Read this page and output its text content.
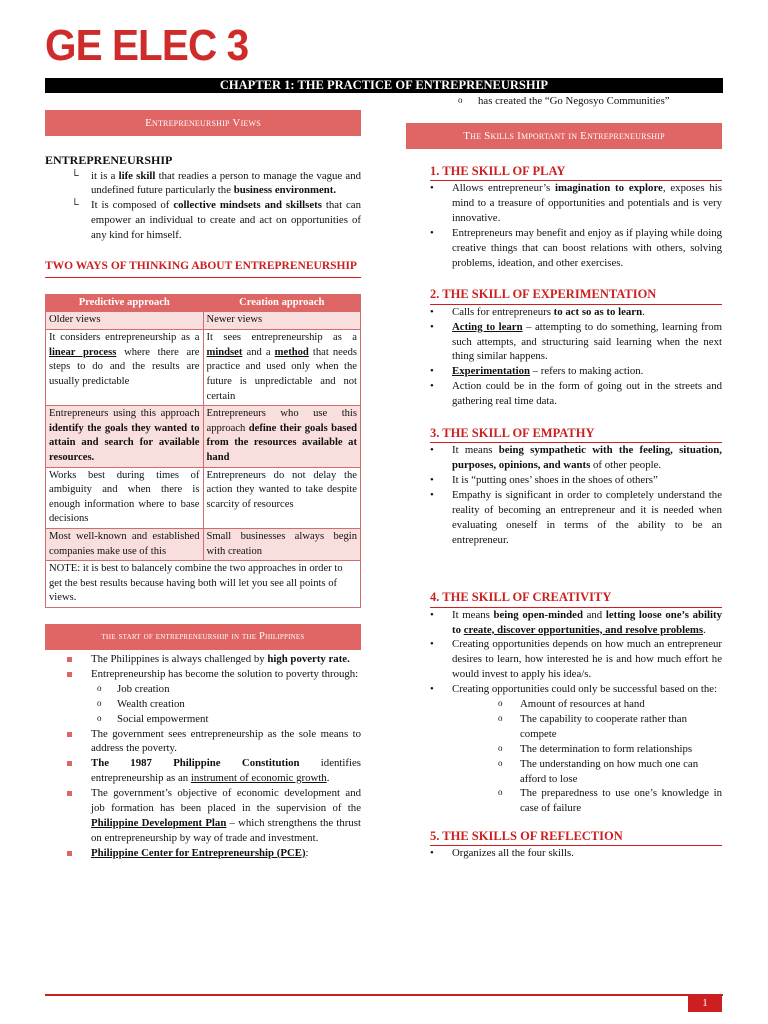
GE ELEC 3
CHAPTER 1: THE PRACTICE OF ENTREPRENEURSHIP
Entrepreneurship Views
ENTREPRENEURSHIP
└ it is a life skill that readies a person to manage the vague and undefined future particularly the business environment.
└ It is composed of collective mindsets and skillsets that can empower an individual to create and act on opportunities of any kind for himself.
TWO WAYS OF THINKING ABOUT ENTREPRENEURSHIP
Predictive approach	Creation approach
Older views	Newer views
It considers entrepreneurship as a linear process where there are steps to do and the results are usually predictable	It sees entrepreneurship as a mindset and a method that needs practice and used only when the future is unpredictable and not certain
Entrepreneurs using this approach identify the goals they wanted to attain and search for available resources.	Entrepreneurs who use this approach define their goals based from the resources available at hand
Works best during times of ambiguity and when there is enough information where to base decisions	Entrepreneurs do not delay the action they wanted to take despite scarcity of resources
Most well-known and established companies make use of this	Small businesses always begin with creation
NOTE: it is best to balancely combine the two approaches in order to get the best results because having both will let you see all points of views.	
the start of entrepreneurship in the Philippines
The Philippines is always challenged by high poverty rate.
Entrepreneurship has become the solution to poverty through:
o Job creation
o Wealth creation
o Social empowerment
The government sees entrepreneurship as the sole means to address the poverty.
The 1987 Philippine Constitution identifies entrepreneurship as an instrument of economic growth.
The government’s objective of economic development and job formation has been placed in the supervision of the Philippine Development Plan – which strengthens the thrust on entrepreneurship by way of trade and investment.
Philippine Center for Entrepreneurship (PCE):
o has created the “Go Negosyo Communities”
The Skills Important in Entrepreneurship
1. THE SKILL OF PLAY
• Allows entrepreneur’s imagination to explore, exposes his mind to a treasure of opportunities and potentials and is very innovative.
• Entrepreneurs may benefit and enjoy as if playing while doing creative things that can boost relations with others, solving problems, ideation, and other exercises.
2. THE SKILL OF EXPERIMENTATION
• Calls for entrepreneurs to act so as to learn.
• Acting to learn – attempting to do something, learning from such attempts, and structuring said learning when the next thing similar happens.
• Experimentation – refers to making action.
• Action could be in the form of going out in the streets and gathering real time data.
3. THE SKILL OF EMPATHY
• It means being sympathetic with the feeling, situation, purposes, opinions, and wants of other people.
• It is “putting ones’ shoes in the shoes of others”
• Empathy is significant in order to completely understand the reality of becoming an entrepreneur and it is needed when evaluating oneself in terms of the ability to be an entrepreneur.
4. THE SKILL OF CREATIVITY
• It means being open-minded and letting loose one’s ability to create, discover opportunities, and resolve problems.
• Creating opportunities depends on how much an entrepreneur desires to learn, how interested he is and how much effort he would invest to apply his idea/s.
• Creating opportunities could only be successful based on the:
o Amount of resources at hand
o The capability to cooperate rather than compete
o The determination to form relationships
o The understanding on how much one can afford to lose
o The preparedness to use one’s knowledge in case of failure
5. THE SKILLS OF REFLECTION
• Organizes all the four skills.
1
